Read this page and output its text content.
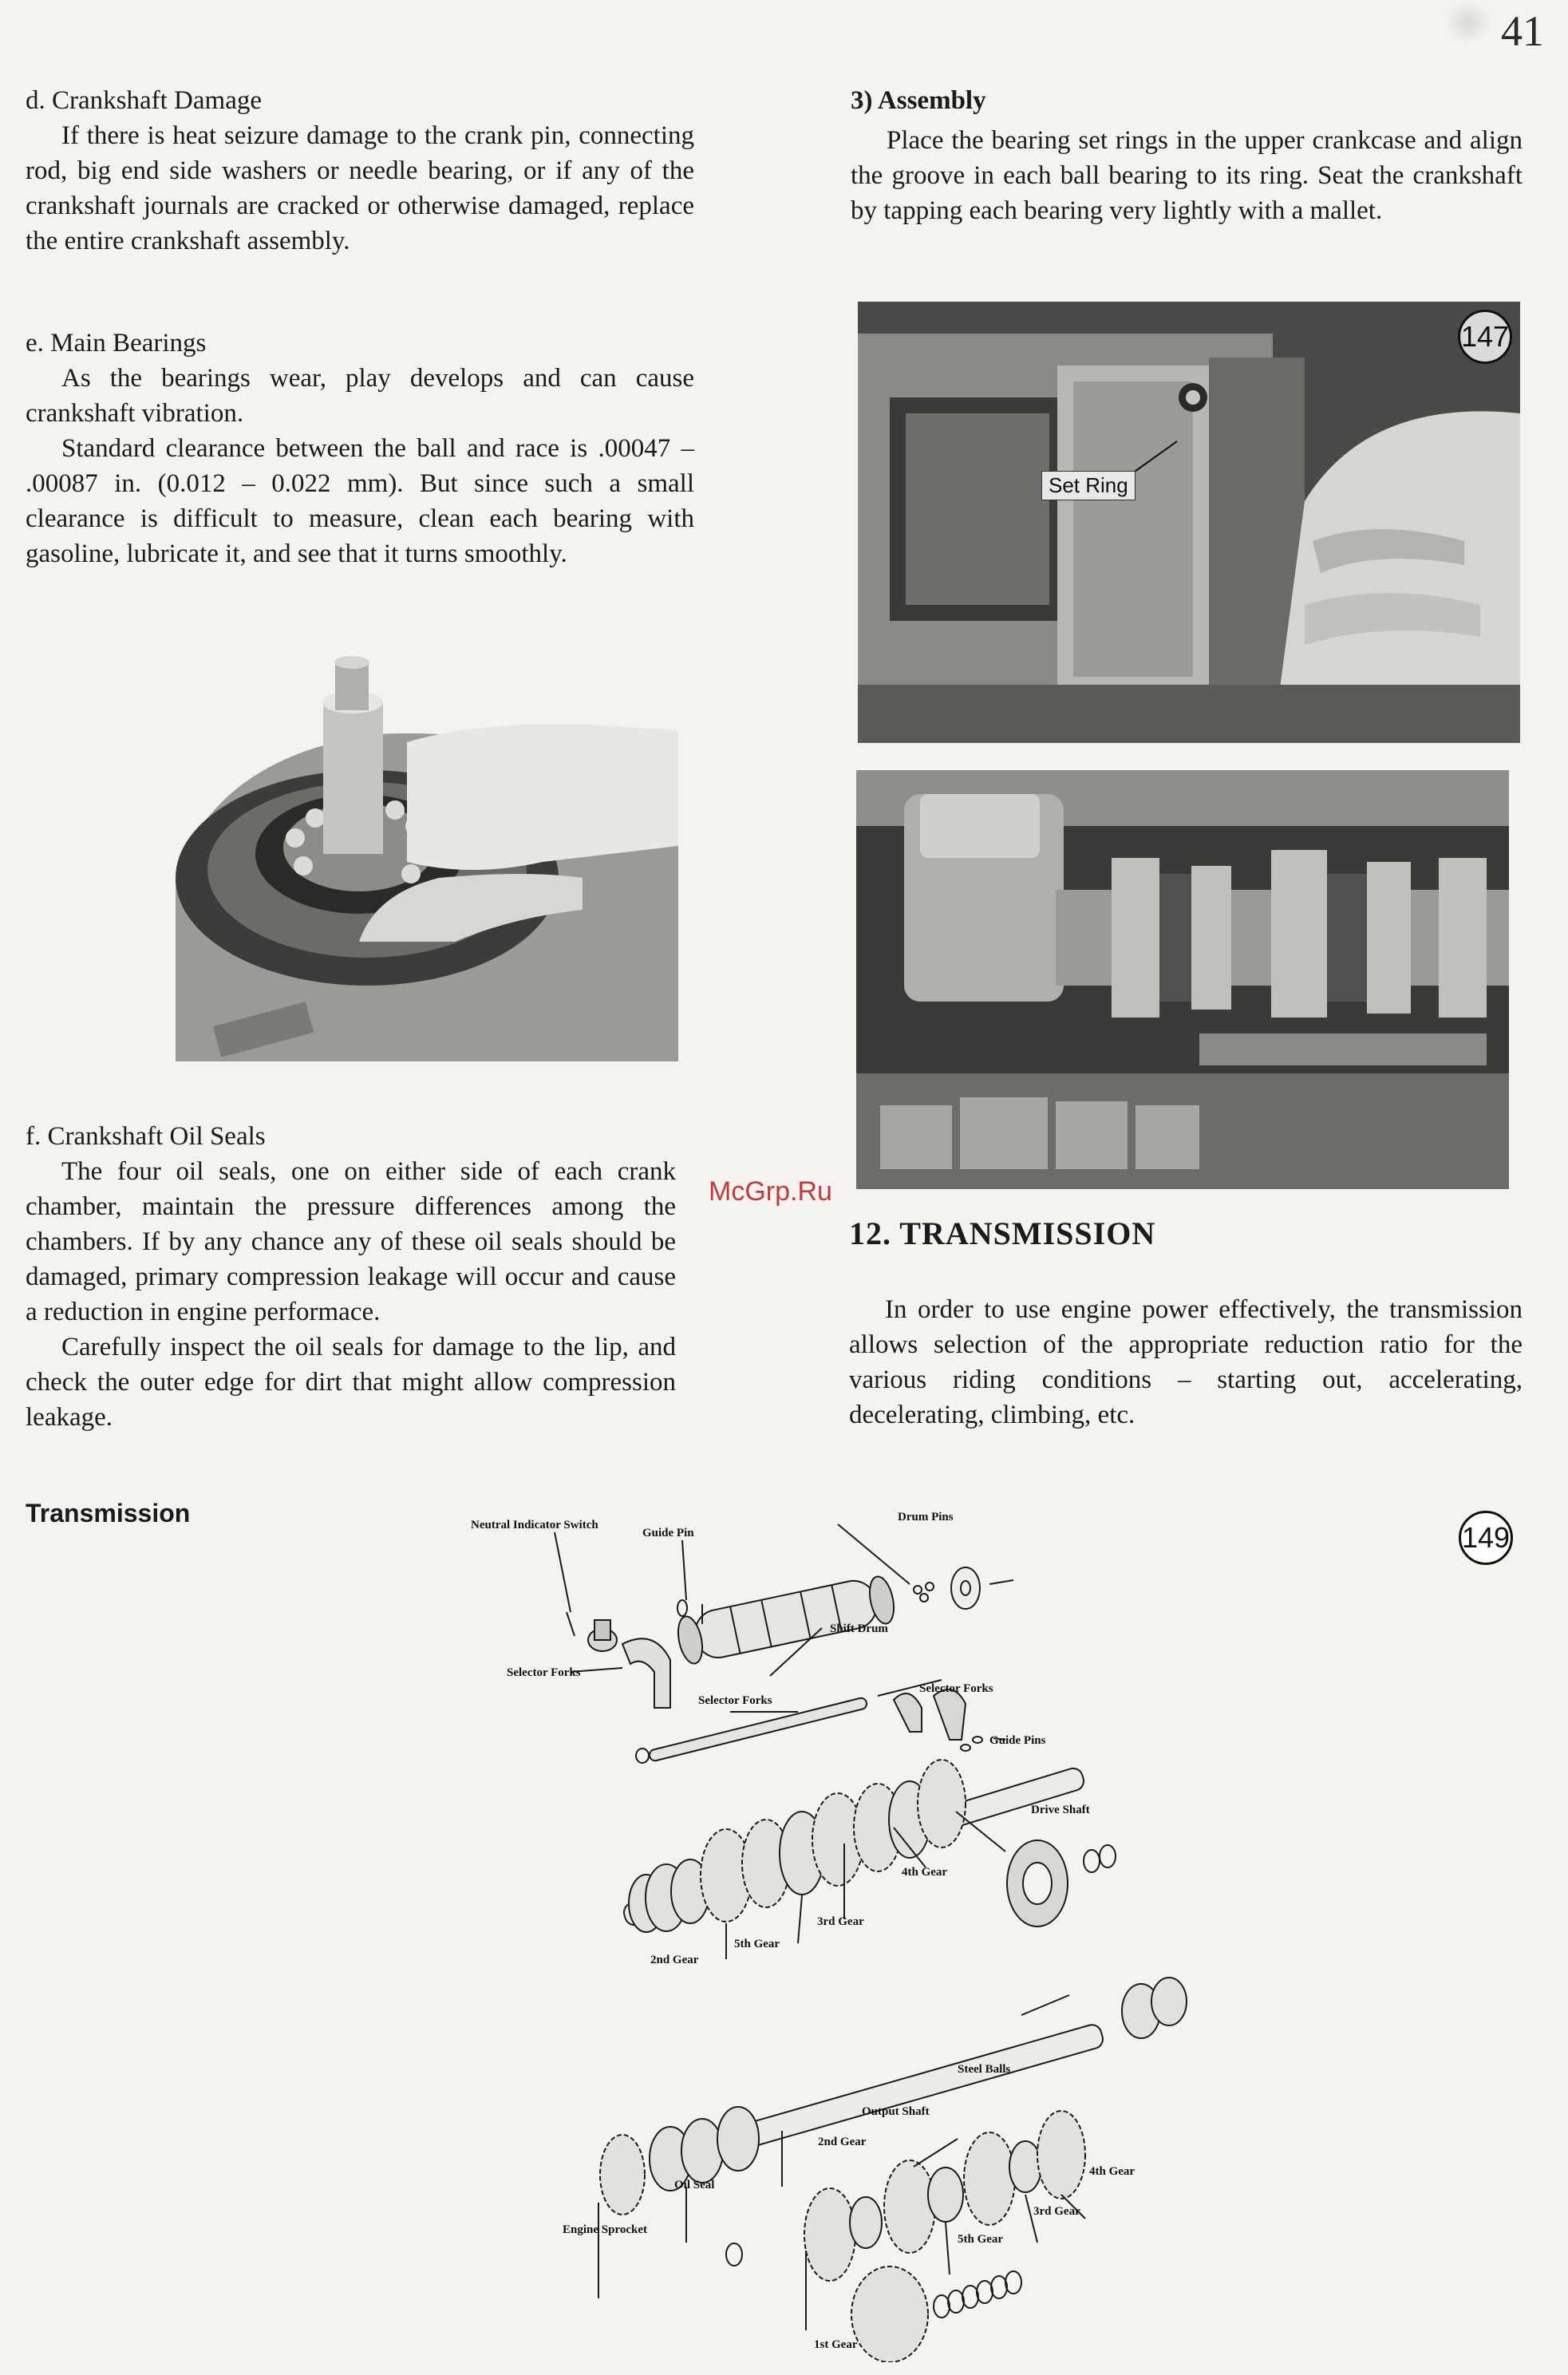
41

d. Crankshaft Damage

If there is heat seizure damage to the crank pin, connecting rod, big end side washers or needle bearing, or if any of the crankshaft journals are cracked or otherwise damaged, replace the entire crankshaft assembly.

e. Main Bearings

As the bearings wear, play develops and can cause crankshaft vibration.

Standard clearance between the ball and race is .00047 – .00087 in. (0.012 – 0.022 mm). But since such a small clearance is difficult to measure, clean each bearing with gasoline, lubricate it, and see that it turns smoothly.

f. Crankshaft Oil Seals

The four oil seals, one on either side of each crank chamber, maintain the pressure differences among the chambers. If by any chance any of these oil seals should be damaged, primary compression leakage will occur and cause a reduction in engine performace.

Carefully inspect the oil seals for damage to the lip, and check the outer edge for dirt that might allow compression leakage.

3) Assembly

Place the bearing set rings in the upper crankcase and align the groove in each ball bearing to its ring. Seat the crankshaft by tapping each bearing very lightly with a mallet.

Set Ring
147
McGrp.Ru
12. TRANSMISSION

In order to use engine power effectively, the transmission allows selection of the appropriate reduction ratio for the various riding conditions – starting out, accelerating, decelerating, climbing, etc.

Transmission
149
Neutral Indicator Switch
Guide Pin
Drum Pins
Selector Forks
Shift Drum
Selector Forks
Selector Forks
Guide Pins
Drive Shaft
4th Gear
3rd Gear
5th Gear
2nd Gear
Steel Balls
Output Shaft
2nd Gear
Oil Seal
4th Gear
3rd Gear
5th Gear
Engine Sprocket
1st Gear
